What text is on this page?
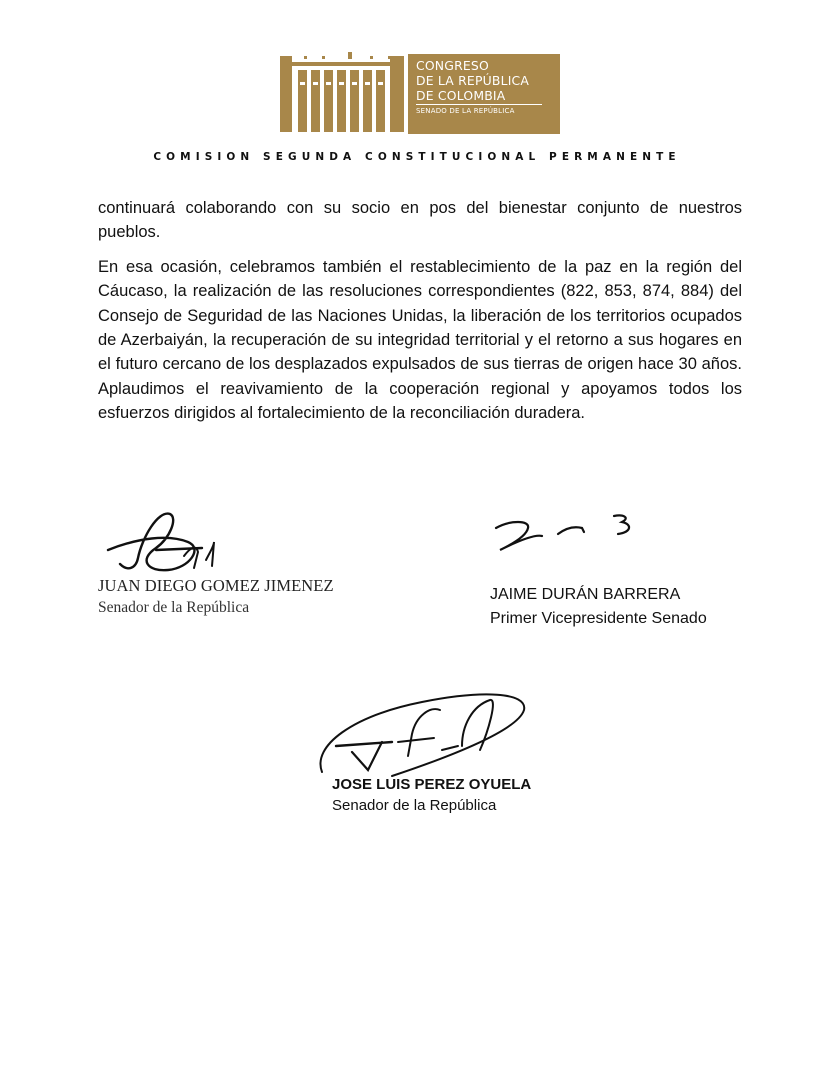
CONGRESO
DE LA REPÚBLICA
DE COLOMBIA
SENADO DE LA REPÚBLICA
COMISION SEGUNDA CONSTITUCIONAL PERMANENTE

continuará colaborando con su socio en pos del bienestar conjunto de nuestros pueblos.

En esa ocasión, celebramos también el restablecimiento de la paz en la región del Cáucaso, la realización de las resoluciones correspondientes (822, 853, 874, 884) del Consejo de Seguridad de las Naciones Unidas, la liberación de los territorios ocupados de Azerbaiyán, la recuperación de su integridad territorial y el retorno a sus hogares en el futuro cercano de los desplazados expulsados de sus tierras de origen hace 30 años. Aplaudimos el reavivamiento de la cooperación regional y apoyamos todos los esfuerzos dirigidos al fortalecimiento de la reconciliación duradera.

JUAN DIEGO GOMEZ JIMENEZ
Senador de la República
JAIME DURÁN BARRERA
Primer Vicepresidente Senado
JOSE LUIS PEREZ OYUELA
Senador de la República
